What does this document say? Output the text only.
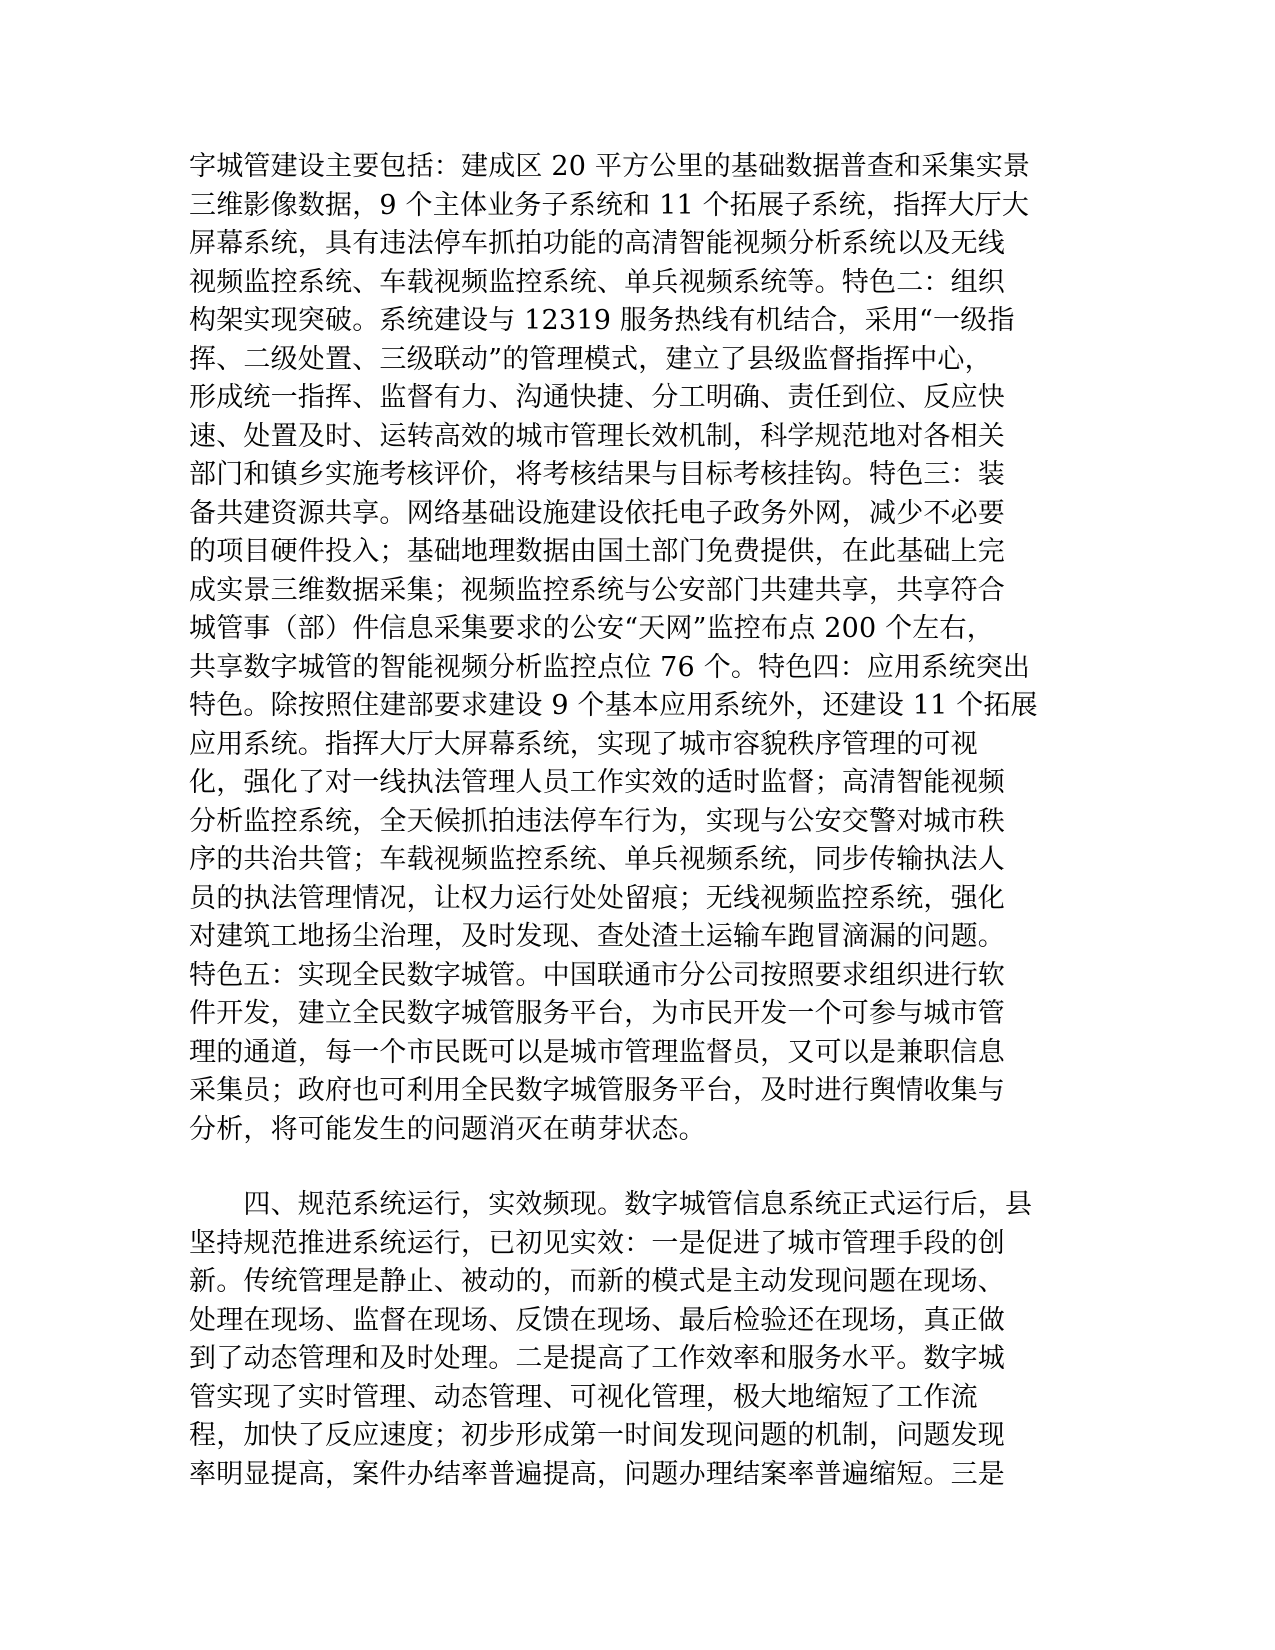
字城管建设主要包括：建成区 20 平方公里的基础数据普查和采集实景
三维影像数据，9 个主体业务子系统和 11 个拓展子系统，指挥大厅大
屏幕系统，具有违法停车抓拍功能的高清智能视频分析系统以及无线
视频监控系统、车载视频监控系统、单兵视频系统等。特色二：组织
构架实现突破。系统建设与 12319 服务热线有机结合，采用“一级指
挥、二级处置、三级联动”的管理模式，建立了县级监督指挥中心，
形成统一指挥、监督有力、沟通快捷、分工明确、责任到位、反应快
速、处置及时、运转高效的城市管理长效机制，科学规范地对各相关
部门和镇乡实施考核评价，将考核结果与目标考核挂钩。特色三：装
备共建资源共享。网络基础设施建设依托电子政务外网，减少不必要
的项目硬件投入；基础地理数据由国土部门免费提供，在此基础上完
成实景三维数据采集；视频监控系统与公安部门共建共享，共享符合
城管事（部）件信息采集要求的公安“天网”监控布点 200 个左右，
共享数字城管的智能视频分析监控点位 76 个。特色四：应用系统突出
特色。除按照住建部要求建设 9 个基本应用系统外，还建设 11 个拓展
应用系统。指挥大厅大屏幕系统，实现了城市容貌秩序管理的可视
化，强化了对一线执法管理人员工作实效的适时监督；高清智能视频
分析监控系统，全天候抓拍违法停车行为，实现与公安交警对城市秩
序的共治共管；车载视频监控系统、单兵视频系统，同步传输执法人
员的执法管理情况，让权力运行处处留痕；无线视频监控系统，强化
对建筑工地扬尘治理，及时发现、查处渣土运输车跑冒滴漏的问题。
特色五：实现全民数字城管。中国联通市分公司按照要求组织进行软
件开发，建立全民数字城管服务平台，为市民开发一个可参与城市管
理的通道，每一个市民既可以是城市管理监督员，又可以是兼职信息
采集员；政府也可利用全民数字城管服务平台，及时进行舆情收集与
分析，将可能发生的问题消灭在萌芽状态。
　　四、规范系统运行，实效频现。数字城管信息系统正式运行后，县
坚持规范推进系统运行，已初见实效：一是促进了城市管理手段的创
新。传统管理是静止、被动的，而新的模式是主动发现问题在现场、
处理在现场、监督在现场、反馈在现场、最后检验还在现场，真正做
到了动态管理和及时处理。二是提高了工作效率和服务水平。数字城
管实现了实时管理、动态管理、可视化管理，极大地缩短了工作流
程，加快了反应速度；初步形成第一时间发现问题的机制，问题发现
率明显提高，案件办结率普遍提高，问题办理结案率普遍缩短。三是
